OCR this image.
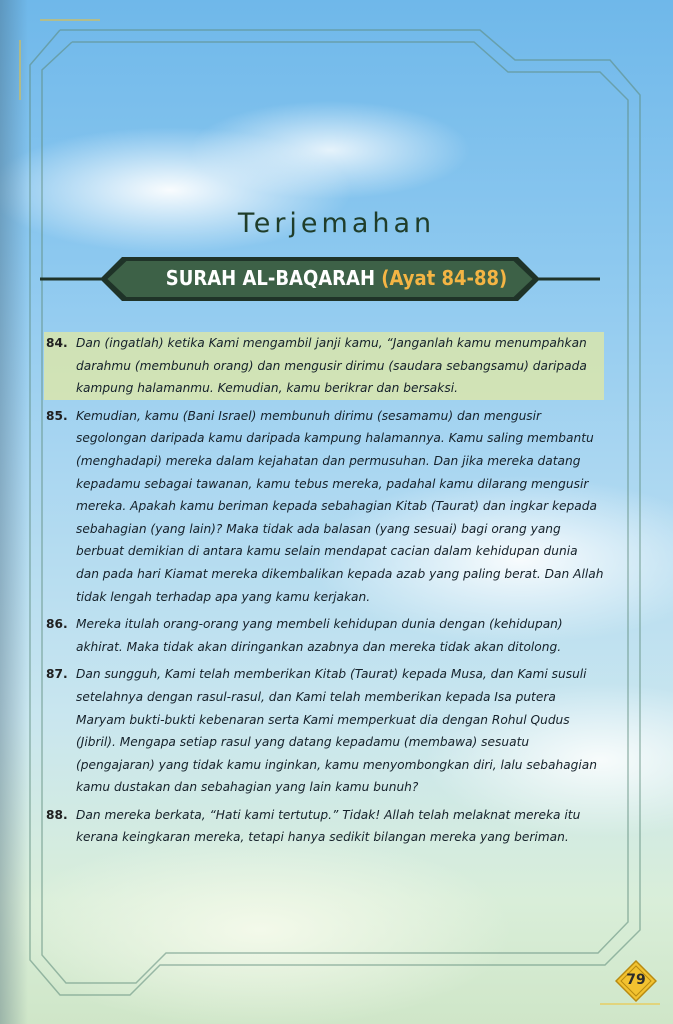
Terjemahan
SURAH AL-BAQARAH (Ayat 84-88)
84. Dan (ingatlah) ketika Kami mengambil janji kamu, “Janganlah kamu menumpahkan darahmu (membunuh orang) dan mengusir dirimu (saudara sebangsamu) daripada kampung halamanmu. Kemudian, kamu berikrar dan bersaksi.
85. Kemudian, kamu (Bani Israel) membunuh dirimu (sesamamu) dan mengusir segolongan daripada kamu daripada kampung halamannya. Kamu saling membantu (menghadapi) mereka dalam kejahatan dan permusuhan. Dan jika mereka datang kepadamu sebagai tawanan, kamu tebus mereka, padahal kamu dilarang mengusir mereka. Apakah kamu beriman kepada sebahagian Kitab (Taurat) dan ingkar kepada sebahagian (yang lain)? Maka tidak ada balasan (yang sesuai) bagi orang yang berbuat demikian di antara kamu selain mendapat cacian dalam kehidupan dunia dan pada hari Kiamat mereka dikembalikan kepada azab yang paling berat. Dan Allah tidak lengah terhadap apa yang kamu kerjakan.
86. Mereka itulah orang-orang yang membeli kehidupan dunia dengan (kehidupan) akhirat. Maka tidak akan diringankan azabnya dan mereka tidak akan ditolong.
87. Dan sungguh, Kami telah memberikan Kitab (Taurat) kepada Musa, dan Kami susuli setelahnya dengan rasul-rasul, dan Kami telah memberikan kepada Isa putera Maryam bukti-bukti kebenaran serta Kami memperkuat dia dengan Rohul Qudus (Jibril). Mengapa setiap rasul yang datang kepadamu (membawa) sesuatu (pengajaran) yang tidak kamu inginkan, kamu menyombongkan diri, lalu sebahagian kamu dustakan dan sebahagian yang lain kamu bunuh?
88. Dan mereka berkata, “Hati kami tertutup.” Tidak! Allah telah melaknat mereka itu kerana keingkaran mereka, tetapi hanya sedikit bilangan mereka yang beriman.
79
